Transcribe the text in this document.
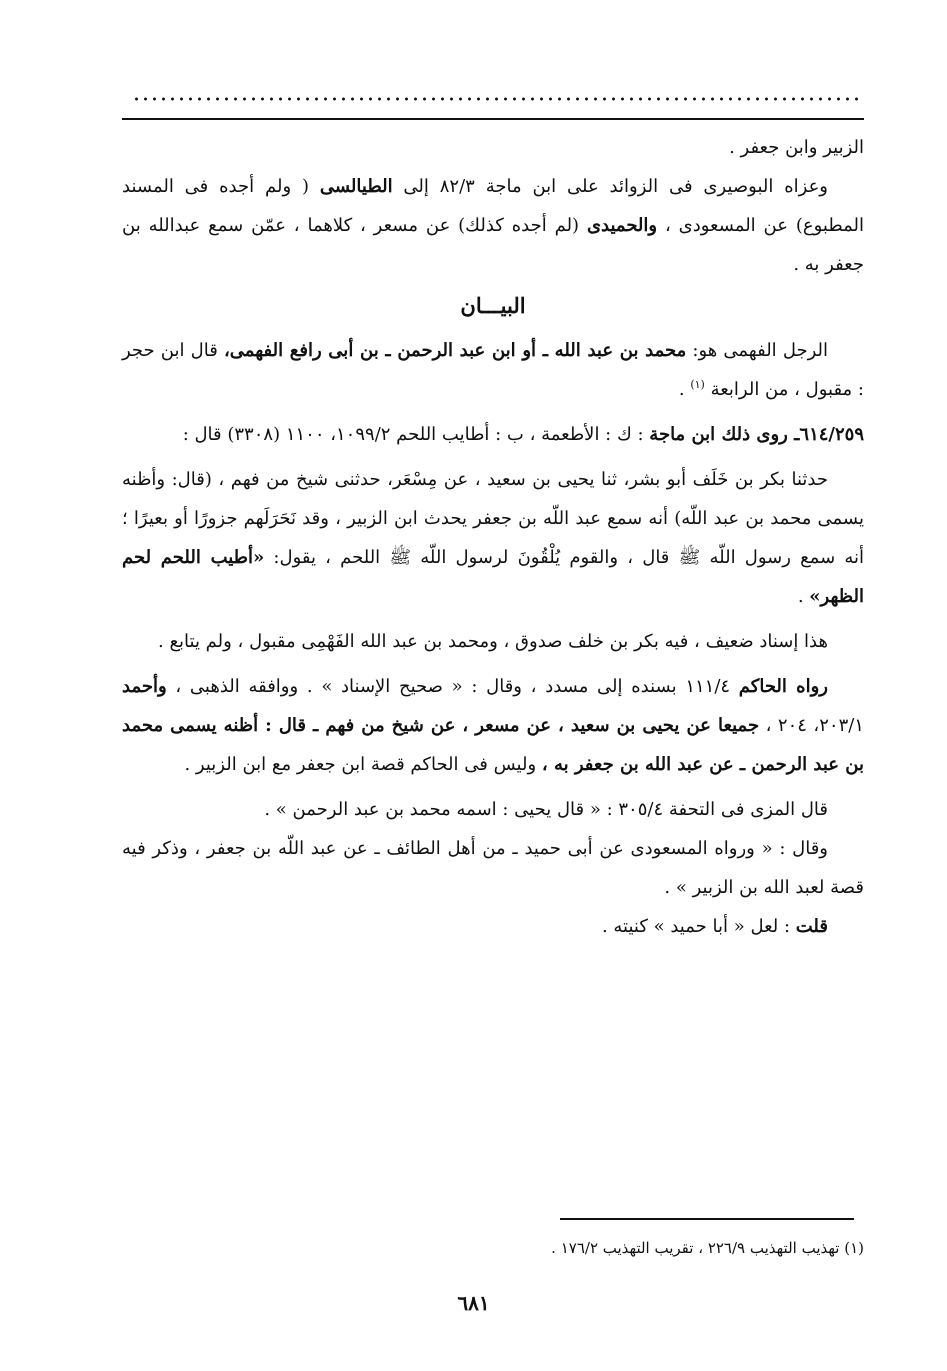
الزبير وابن جعفر .

وعزاه البوصيرى فى الزوائد على ابن ماجة ٨٢/٣ إلى الطيالسى ( ولم أجده فى المسند المطبوع) عن المسعودى ، والحميدى (لم أجده كذلك) عن مسعر ، كلاهما ، عمّن سمع عبدالله بن جعفر به .

البيـــان

الرجل الفهمى هو: محمد بن عبد الله ـ أو ابن عبد الرحمن ـ بن أبى رافع الفهمى، قال ابن حجر : مقبول ، من الرابعة $^{(١)}$ .

٦١٤/٢٥٩ـ روى ذلك ابن ماجة : ك : الأطعمة ، ب : أطايب اللحم ١٠٩٩/٢، ١١٠٠ (٣٣٠٨) قال :

حدثنا بكر بن خَلَف أبو بشر، ثنا يحيى بن سعيد ، عن مِسْعَر، حدثنى شيخ من فهم ، (قال: وأظنه يسمى محمد بن عبد اللّه) أنه سمع عبد اللّه بن جعفر يحدث ابن الزبير ، وقد نَحَرَلَهم جزورًا أو بعيرًا ؛ أنه سمع رسول اللّه ﷺ قال ، والقوم يُلْقُونَ لرسول اللّه ﷺ اللحم ، يقول: «أطيب اللحم لحم الظهر» .

هذا إسناد ضعيف ، فيه بكر بن خلف صدوق ، ومحمد بن عبد الله الفَهْمِى مقبول ، ولم يتابع .

رواه الحاكم ١١١/٤ بسنده إلى مسدد ، وقال : « صحيح الإسناد » . ووافقه الذهبى ، وأحمد ٢٠٣/١، ٢٠٤ ، جميعا عن يحيى بن سعيد ، عن مسعر ، عن شيخ من فهم ـ قال : أظنه يسمى محمد بن عبد الرحمن ـ عن عبد الله بن جعفر به ، وليس فى الحاكم قصة ابن جعفر مع ابن الزبير .

قال المزى فى التحفة ٣٠٥/٤ : « قال يحيى : اسمه محمد بن عبد الرحمن » .

وقال : « ورواه المسعودى عن أبى حميد ـ من أهل الطائف ـ عن عبد اللّه بن جعفر ، وذكر فيه قصة لعبد الله بن الزبير » .

قلت : لعل « أبا حميد » كنيته .

(١) تهذيب التهذيب ٢٢٦/٩ ، تقريب التهذيب ١٧٦/٢ .
٦٨١
